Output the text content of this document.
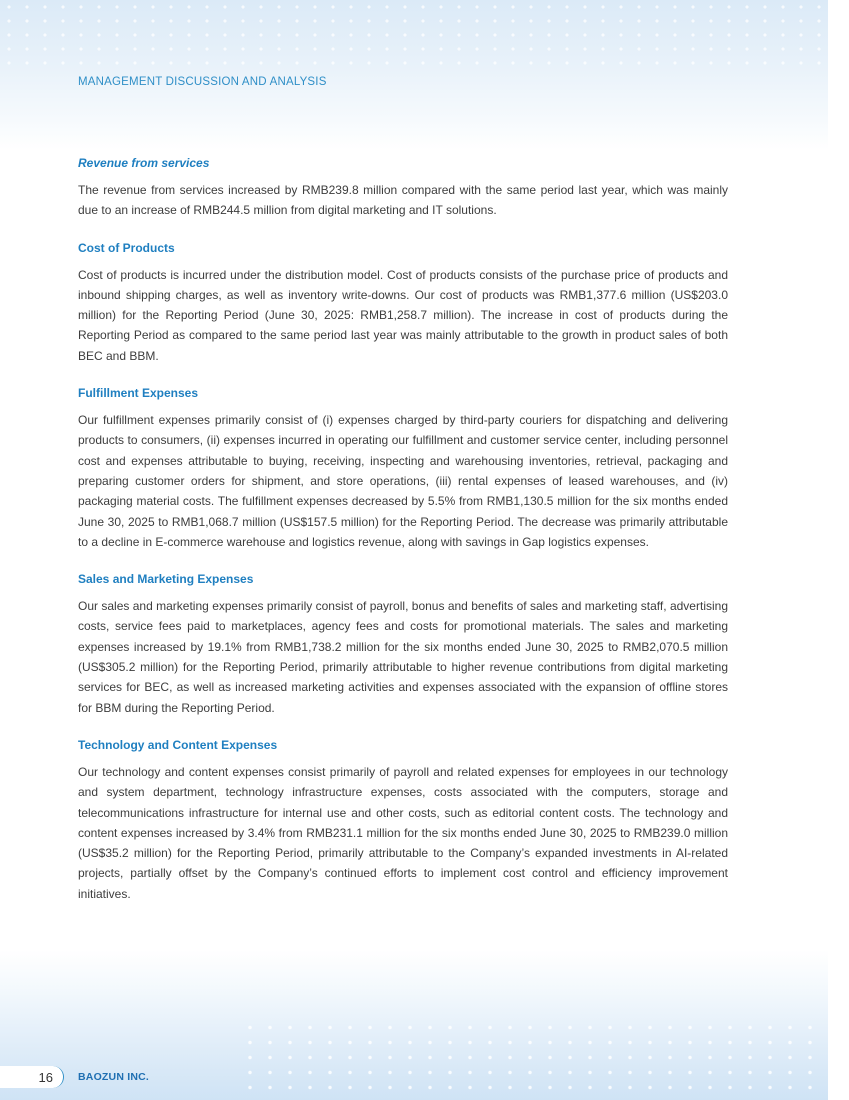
MANAGEMENT DISCUSSION AND ANALYSIS
Revenue from services

The revenue from services increased by RMB239.8 million compared with the same period last year, which was mainly due to an increase of RMB244.5 million from digital marketing and IT solutions.

Cost of Products

Cost of products is incurred under the distribution model. Cost of products consists of the purchase price of products and inbound shipping charges, as well as inventory write-downs. Our cost of products was RMB1,377.6 million (US$203.0 million) for the Reporting Period (June 30, 2025: RMB1,258.7 million). The increase in cost of products during the Reporting Period as compared to the same period last year was mainly attributable to the growth in product sales of both BEC and BBM.

Fulfillment Expenses

Our fulfillment expenses primarily consist of (i) expenses charged by third-party couriers for dispatching and delivering products to consumers, (ii) expenses incurred in operating our fulfillment and customer service center, including personnel cost and expenses attributable to buying, receiving, inspecting and warehousing inventories, retrieval, packaging and preparing customer orders for shipment, and store operations, (iii) rental expenses of leased warehouses, and (iv) packaging material costs. The fulfillment expenses decreased by 5.5% from RMB1,130.5 million for the six months ended June 30, 2025 to RMB1,068.7 million (US$157.5 million) for the Reporting Period. The decrease was primarily attributable to a decline in E-commerce warehouse and logistics revenue, along with savings in Gap logistics expenses.

Sales and Marketing Expenses

Our sales and marketing expenses primarily consist of payroll, bonus and benefits of sales and marketing staff, advertising costs, service fees paid to marketplaces, agency fees and costs for promotional materials. The sales and marketing expenses increased by 19.1% from RMB1,738.2 million for the six months ended June 30, 2025 to RMB2,070.5 million (US$305.2 million) for the Reporting Period, primarily attributable to higher revenue contributions from digital marketing services for BEC, as well as increased marketing activities and expenses associated with the expansion of offline stores for BBM during the Reporting Period.

Technology and Content Expenses

Our technology and content expenses consist primarily of payroll and related expenses for employees in our technology and system department, technology infrastructure expenses, costs associated with the computers, storage and telecommunications infrastructure for internal use and other costs, such as editorial content costs. The technology and content expenses increased by 3.4% from RMB231.1 million for the six months ended June 30, 2025 to RMB239.0 million (US$35.2 million) for the Reporting Period, primarily attributable to the Company’s expanded investments in AI-related projects, partially offset by the Company’s continued efforts to implement cost control and efficiency improvement initiatives.

16 BAOZUN INC.
